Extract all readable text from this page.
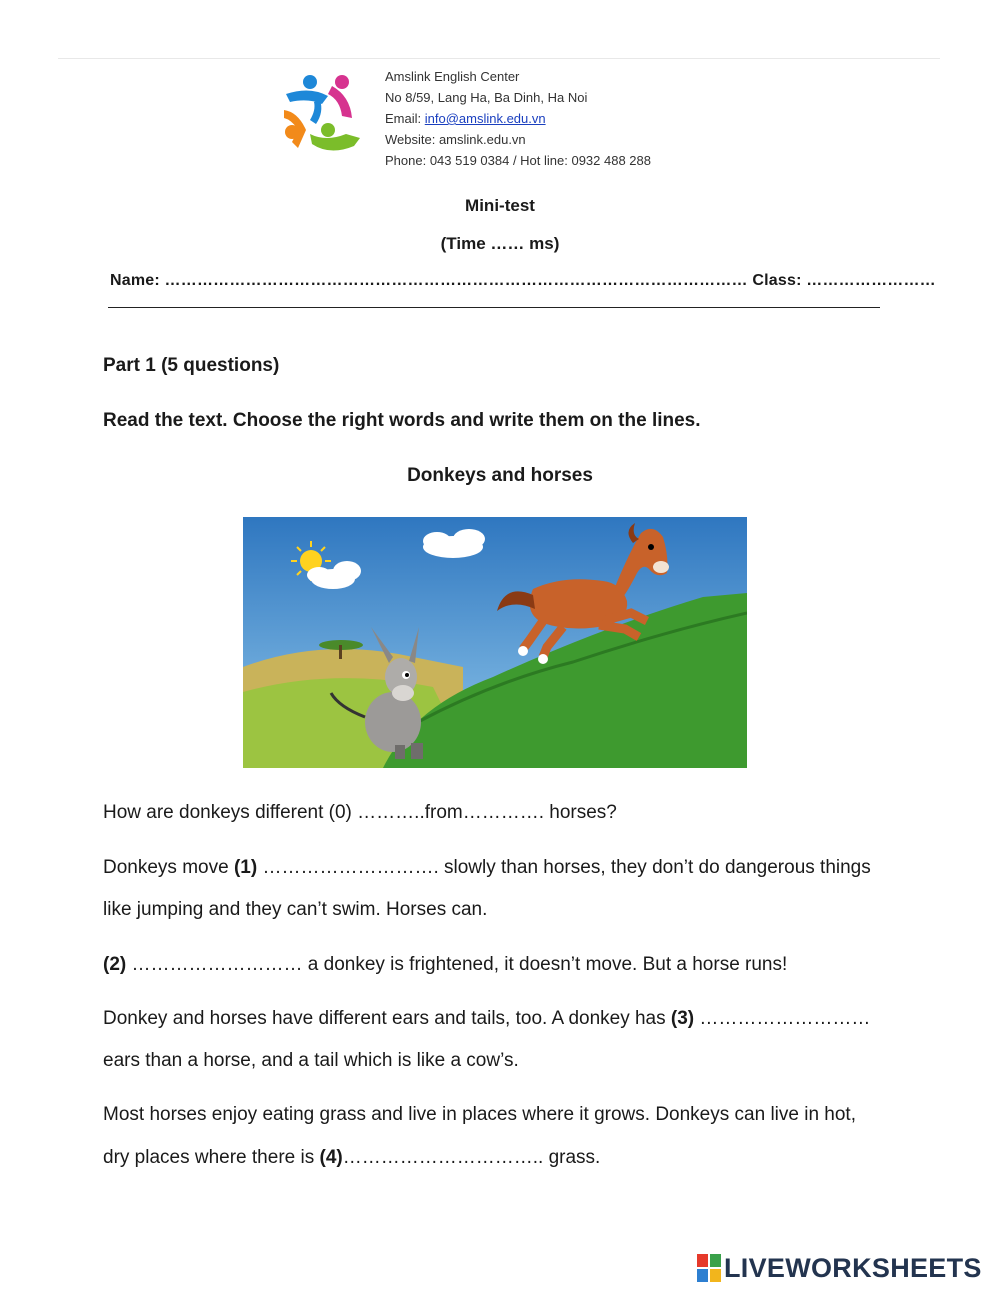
Amslink English Center
No 8/59, Lang Ha, Ba Dinh, Ha Noi
Email: info@amslink.edu.vn
Website: amslink.edu.vn
Phone: 043 519 0384 / Hot line: 0932 488 288
Mini-test
(Time …… ms)
Name: ……………………………………………………………………………………………… Class: ……………………
Part 1 (5 questions)
Read the text. Choose the right words and write them on the lines.
Donkeys and horses
How are donkeys different (0) ………..from…………. horses?
Donkeys move (1) ………………………. slowly than horses, they don’t do dangerous things
like jumping and they can’t swim. Horses can.
(2) ……………………… a donkey is frightened, it doesn’t move. But a horse runs!
Donkey and horses have different ears and tails, too. A donkey has (3) ………………………
ears than a horse, and a tail which is like a cow’s.
Most horses enjoy eating grass and live in places where it grows. Donkeys can live in hot,
dry places where there is (4)………………………….. grass.
LIVEWORKSHEETS
